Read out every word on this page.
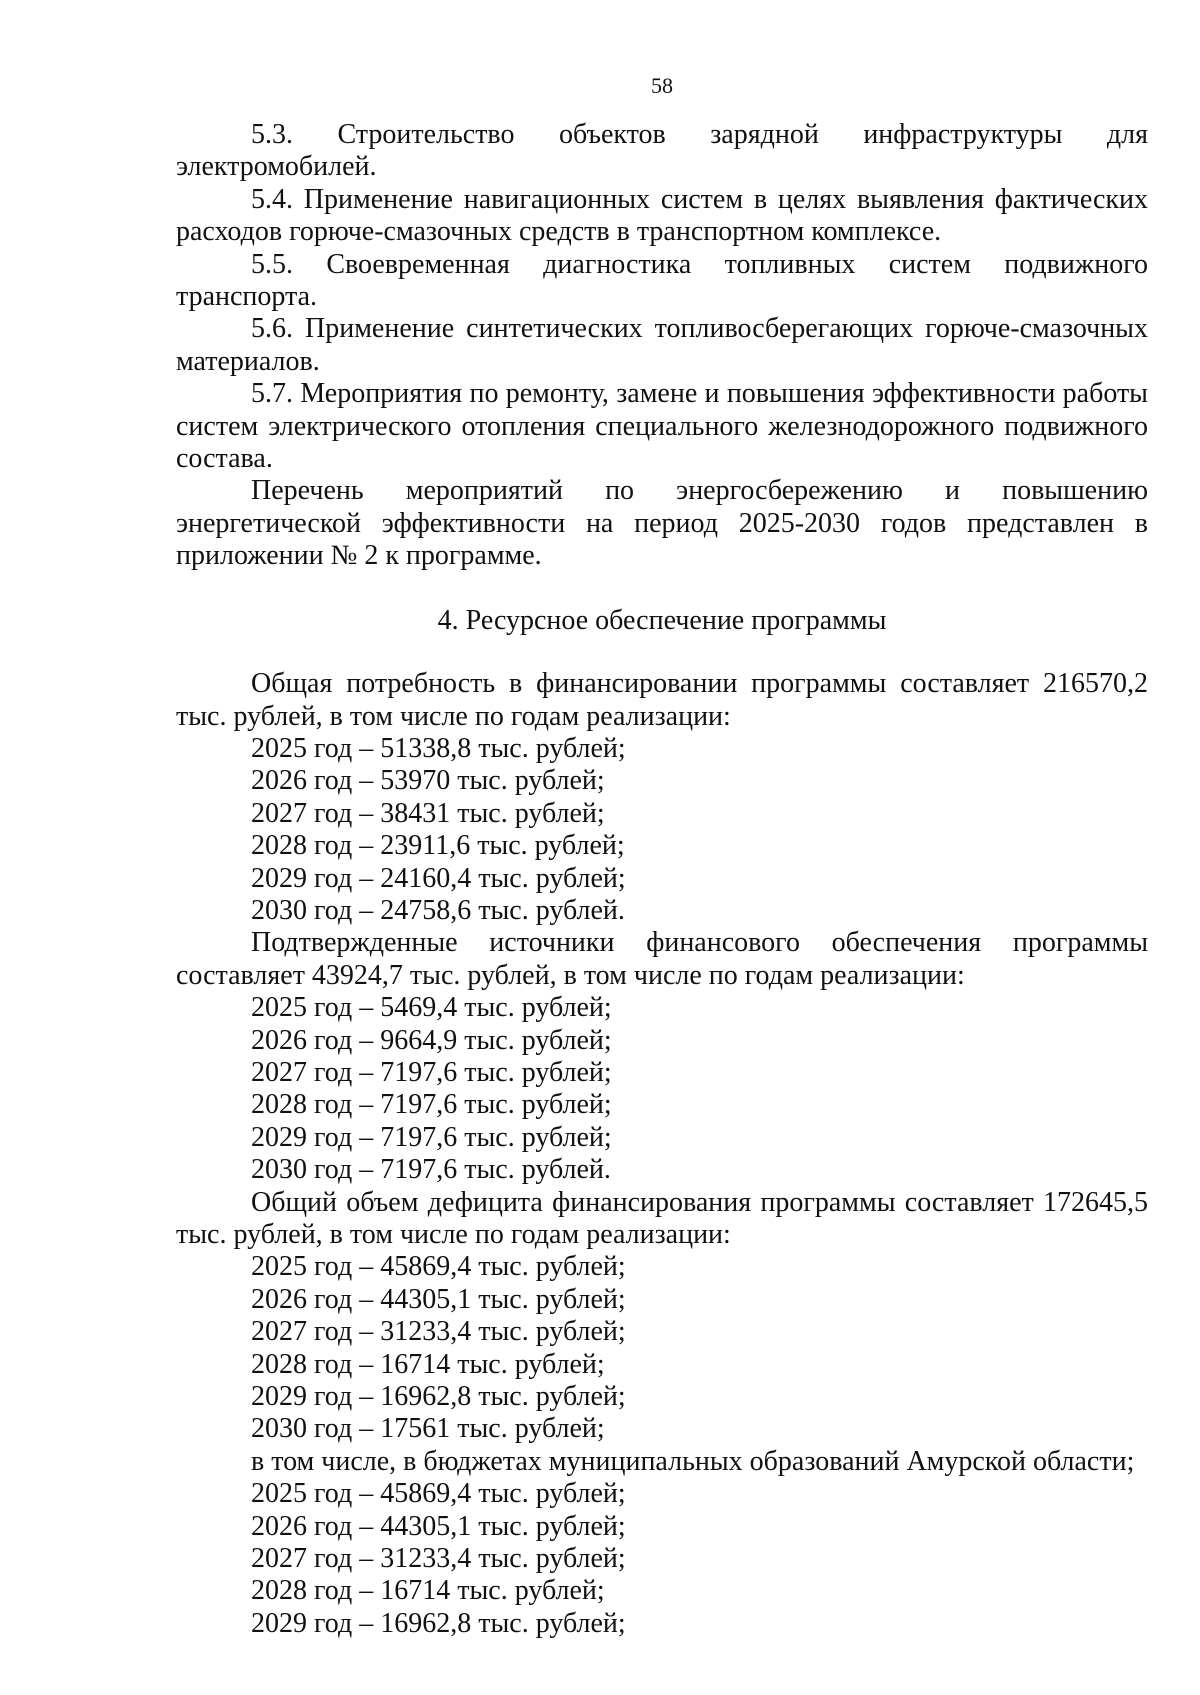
58

5.3. Строительство объектов зарядной инфраструктуры для электромобилей.

5.4. Применение навигационных систем в целях выявления фактических расходов горюче-смазочных средств в транспортном комплексе.

5.5. Своевременная диагностика топливных систем подвижного транспорта.

5.6. Применение синтетических топливосберегающих горюче-смазочных материалов.

5.7. Мероприятия по ремонту, замене и повышения эффективности работы систем электрического отопления специального железнодорожного подвижного состава.

Перечень мероприятий по энергосбережению и повышению энергетической эффективности на период 2025-2030 годов представлен в приложении № 2 к программе.

4. Ресурсное обеспечение программы

Общая потребность в финансировании программы составляет 216570,2 тыс. рублей, в том числе по годам реализации:

2025 год – 51338,8 тыс. рублей;
2026 год – 53970 тыс. рублей;
2027 год – 38431 тыс. рублей;
2028 год – 23911,6 тыс. рублей;
2029 год – 24160,4 тыс. рублей;
2030 год – 24758,6 тыс. рублей.

Подтвержденные источники финансового обеспечения программы составляет 43924,7 тыс. рублей, в том числе по годам реализации:

2025 год – 5469,4 тыс. рублей;
2026 год – 9664,9 тыс. рублей;
2027 год – 7197,6 тыс. рублей;
2028 год – 7197,6 тыс. рублей;
2029 год – 7197,6 тыс. рублей;
2030 год – 7197,6 тыс. рублей.

Общий объем дефицита финансирования программы составляет 172645,5 тыс. рублей, в том числе по годам реализации:

2025 год – 45869,4 тыс. рублей;
2026 год – 44305,1 тыс. рублей;
2027 год – 31233,4 тыс. рублей;
2028 год – 16714 тыс. рублей;
2029 год – 16962,8 тыс. рублей;
2030 год – 17561 тыс. рублей;
в том числе, в бюджетах муниципальных образований Амурской области;
2025 год – 45869,4 тыс. рублей;
2026 год – 44305,1 тыс. рублей;
2027 год – 31233,4 тыс. рублей;
2028 год – 16714 тыс. рублей;
2029 год – 16962,8 тыс. рублей;
